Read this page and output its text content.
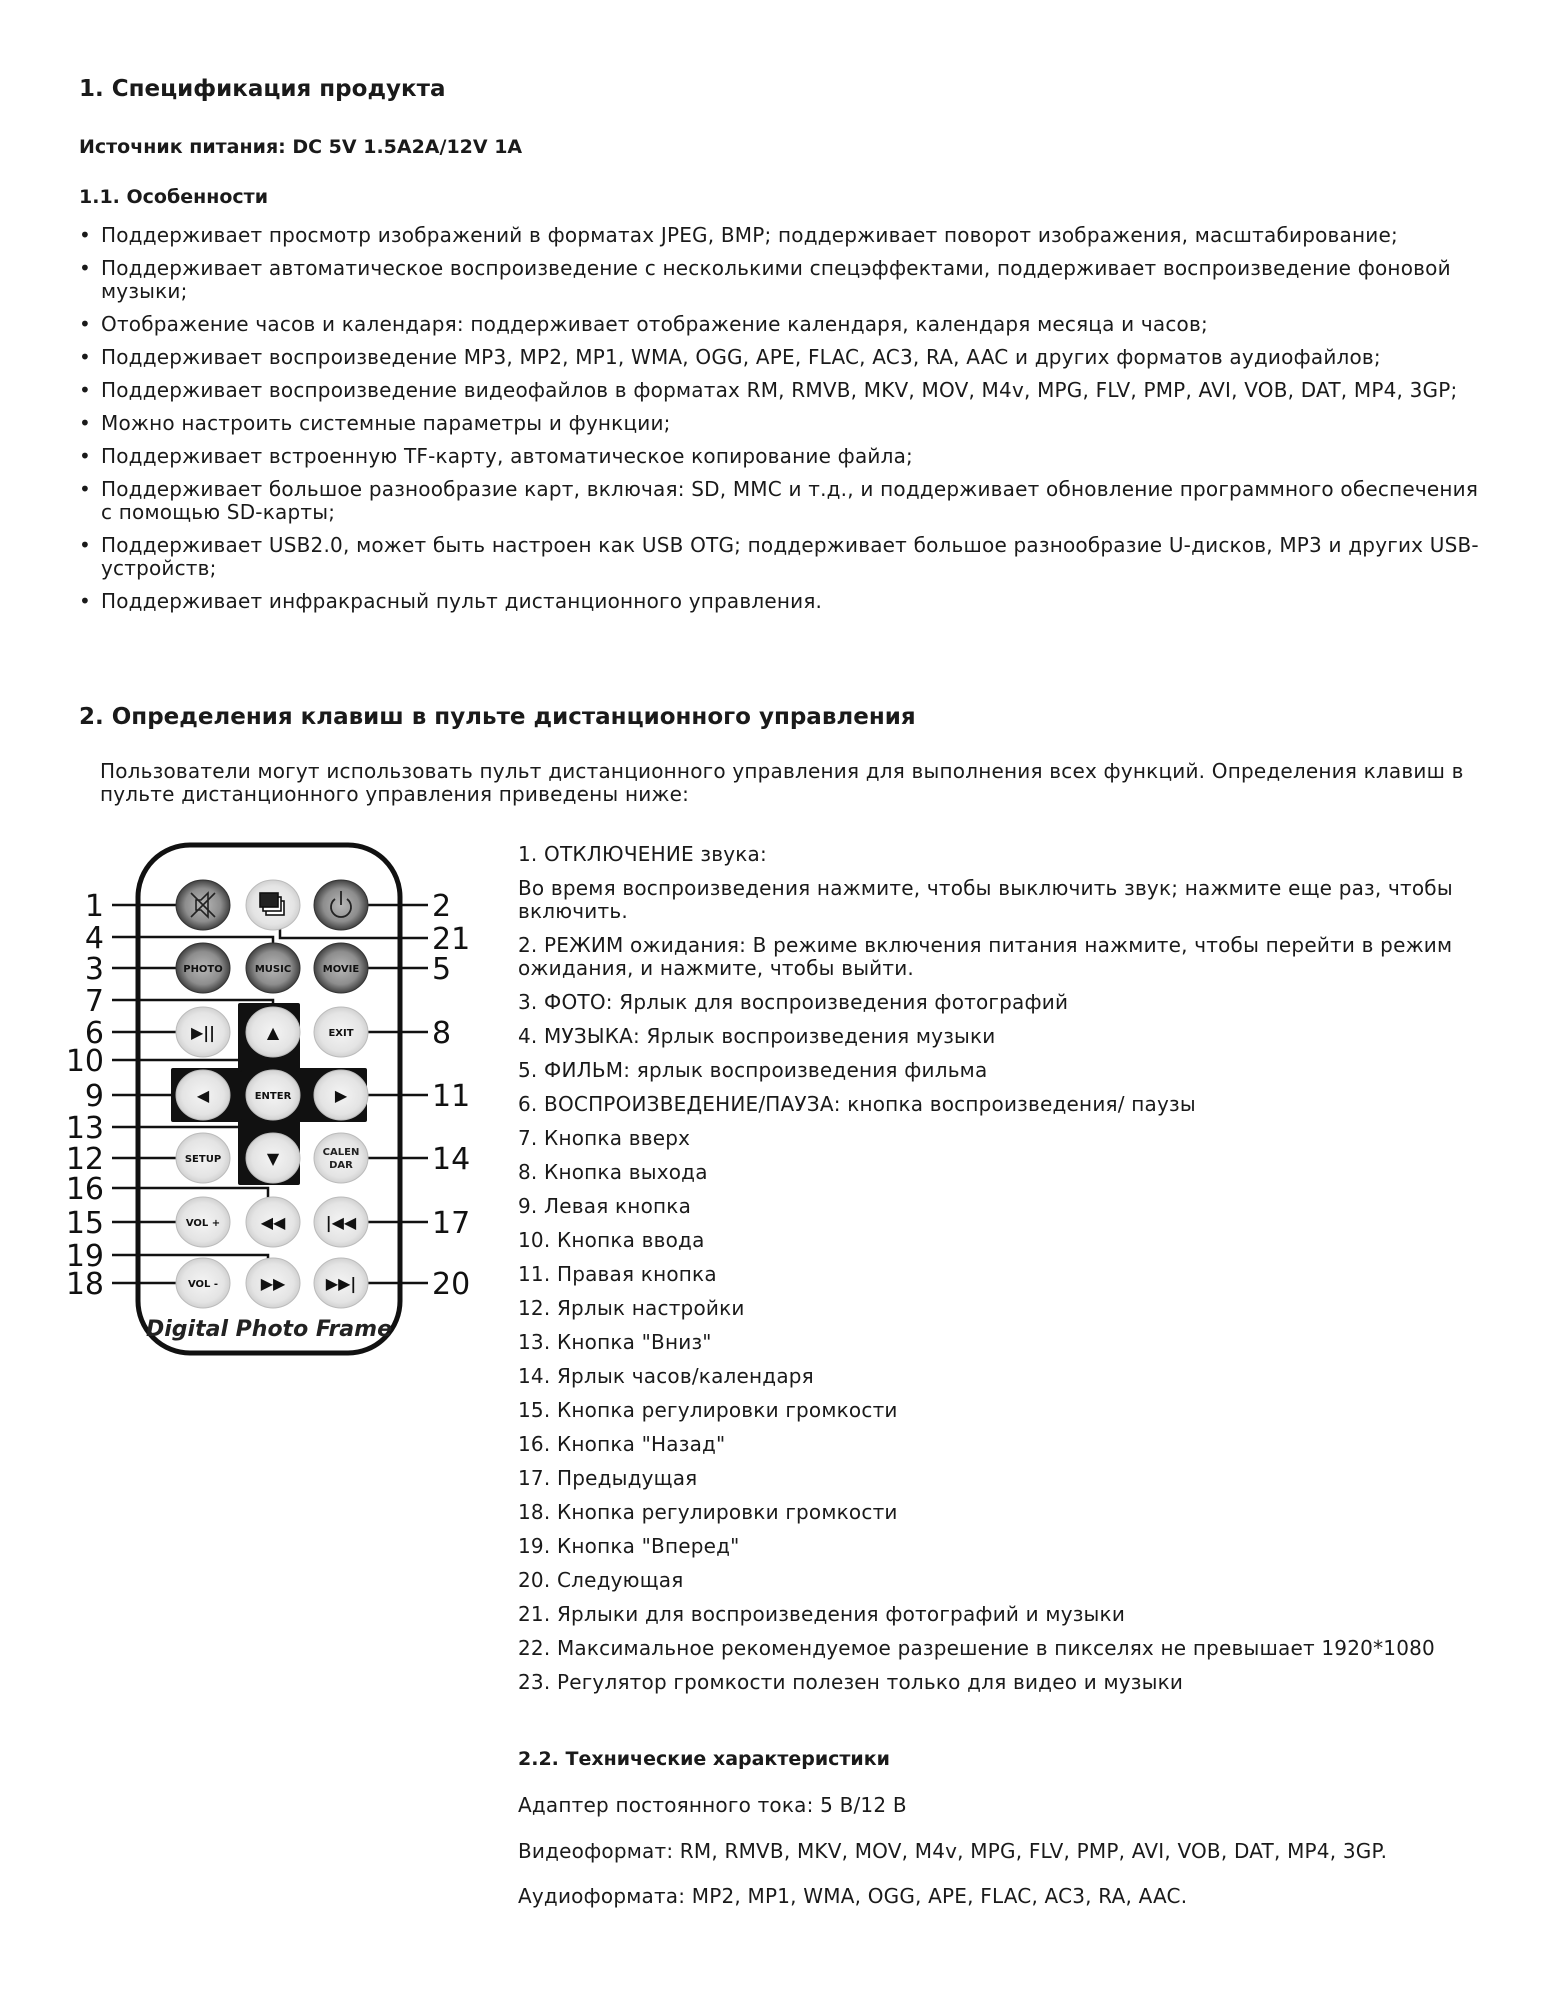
1. Спецификация продукта
Источник питания: DC 5V 1.5A2A/12V 1A
1.1. Особенности
• Поддерживает просмотр изображений в форматах JPEG, BMP; поддерживает поворот изображения, масштабирование;
• Поддерживает автоматическое воспроизведение с несколькими спецэффектами, поддерживает воспроизведение фоновой музыки;
• Отображение часов и календаря: поддерживает отображение календаря, календаря месяца и часов;
• Поддерживает воспроизведение MP3, MP2, MP1, WMA, OGG, APE, FLAC, AC3, RA, AAC и других форматов аудиофайлов;
• Поддерживает воспроизведение видеофайлов в форматах RM, RMVB, MKV, MOV, M4v, MPG, FLV, PMP, AVI, VOB, DAT, MP4, 3GP;
• Можно настроить системные параметры и функции;
• Поддерживает встроенную TF-карту, автоматическое копирование файла;
• Поддерживает большое разнообразие карт, включая: SD, MMC и т.д., и поддерживает обновление программного обеспечения с помощью SD-карты;
• Поддерживает USB2.0, может быть настроен как USB OTG; поддерживает большое разнообразие U-дисков, MP3 и других USB-устройств;
• Поддерживает инфракрасный пульт дистанционного управления.
2. Определения клавиш в пульте дистанционного управления
Пользователи могут использовать пульт дистанционного управления для выполнения всех функций. Определения клавиш в пульте дистанционного управления приведены ниже:
PHOTO	MUSIC	MOVIE
▶||	▲	EXIT
◀	ENTER	▶
SETUP	▼	CALEN
DAR
VOL +	◀◀	|◀◀
VOL -	▶▶	▶▶|
1
4
3
7
6
10
9
13
12
16
15
19
18
2
21
5
8
11
14
17
20
Digital Photo Frame
1. ОТКЛЮЧЕНИЕ звука:
Во время воспроизведения нажмите, чтобы выключить звук; нажмите еще раз, чтобы включить.
2. РЕЖИМ ожидания: В режиме включения питания нажмите, чтобы перейти в режим ожидания, и нажмите, чтобы выйти.
3. ФОТО: Ярлык для воспроизведения фотографий
4. МУЗЫКА: Ярлык воспроизведения музыки
5. ФИЛЬМ: ярлык воспроизведения фильма
6. ВОСПРОИЗВЕДЕНИЕ/ПАУЗА: кнопка воспроизведения/ паузы
7. Кнопка вверх
8. Кнопка выхода
9. Левая кнопка
10. Кнопка ввода
11. Правая кнопка
12. Ярлык настройки
13. Кнопка "Вниз"
14. Ярлык часов/календаря
15. Кнопка регулировки громкости
16. Кнопка "Назад"
17. Предыдущая
18. Кнопка регулировки громкости
19. Кнопка "Вперед"
20. Следующая
21. Ярлыки для воспроизведения фотографий и музыки
22. Максимальное рекомендуемое разрешение в пикселях не превышает 1920*1080
23. Регулятор громкости полезен только для видео и музыки
2.2. Технические характеристики
Адаптер постоянного тока: 5 В/12 В
Видеоформат: RM, RMVB, MKV, MOV, M4v, MPG, FLV, PMP, AVI, VOB, DAT, MP4, 3GP.
Аудиоформата: MP2, MP1, WMA, OGG, APE, FLAC, AC3, RA, AAC.
